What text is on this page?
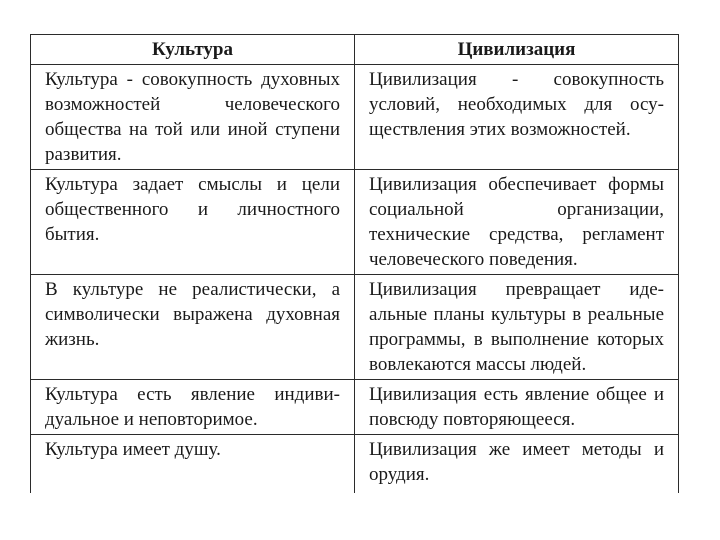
Культура	Цивилизация
Культура - совокупность духовных возможностей человеческого общества на той или иной ступени развития.	Цивилизация - совокупность условий, необходимых для осуществления этих возможностей.
Культура задает смыслы и цели общественного и личностного бытия.	Цивилизация обеспечивает формы социальной организации, технические средства, регламент человеческого поведения.
В культуре не реалистически, а символически выражена духовная жизнь.	Цивилизация превращает идеальные планы культуры в реальные программы, в выполнение которых вовлекаются массы людей.
Культура есть явление индивидуальное и неповторимое.	Цивилизация есть явление общее и повсюду повторяющееся.
Культура имеет душу.	Цивилизация же имеет методы и орудия.
